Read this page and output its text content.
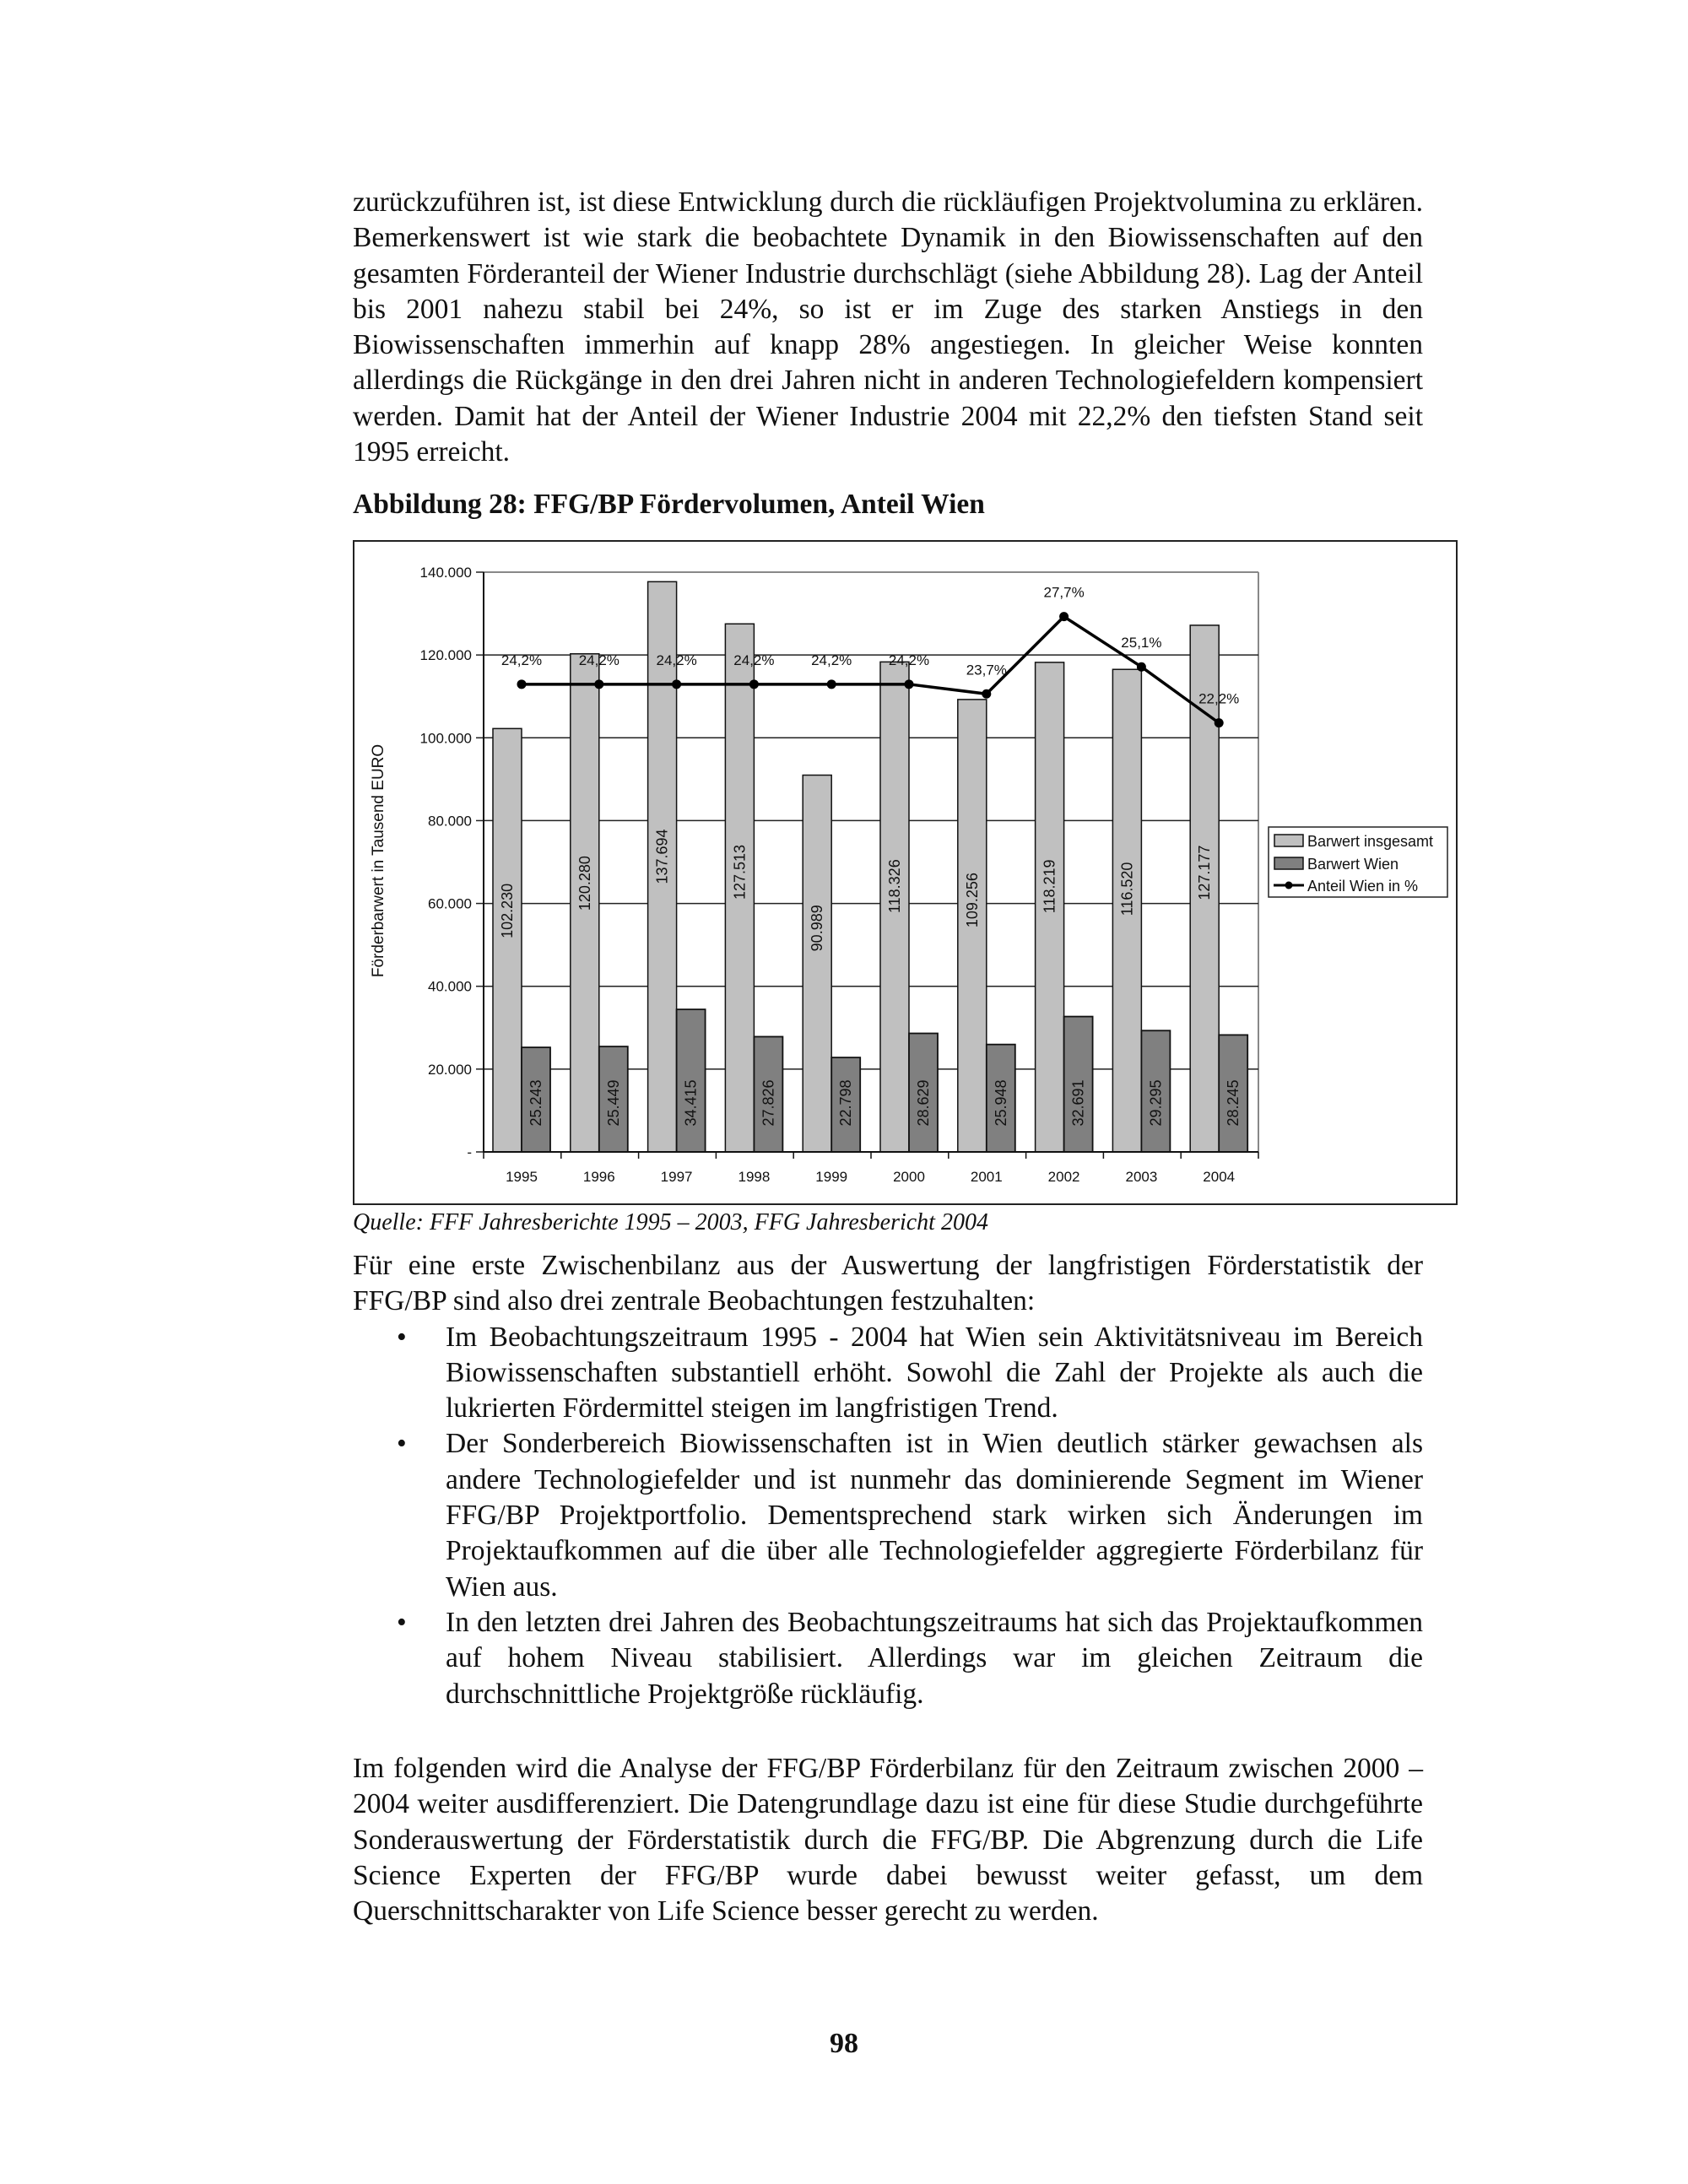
zurückzuführen ist, ist diese Entwicklung durch die rückläufigen Projektvolumina zu erklären. Bemerkenswert ist wie stark die beobachtete Dynamik in den Biowissenschaften auf den gesamten Förderanteil der Wiener Industrie durchschlägt (siehe Abbildung 28). Lag der Anteil bis 2001 nahezu stabil bei 24%, so ist er im Zuge des starken Anstiegs in den Biowissenschaften immerhin auf knapp 28% angestiegen. In gleicher Weise konnten allerdings die Rückgänge in den drei Jahren nicht in anderen Technologiefeldern kompensiert werden. Damit hat der Anteil der Wiener Industrie 2004 mit 22,2% den tiefsten Stand seit 1995 erreicht.

Abbildung 28: FFG/BP Fördervolumen, Anteil Wien
-
20.000
40.000
60.000
80.000
100.000
120.000
140.000
1995	1996	1997	1998	1999	2000	2001	2002	2003	2004
102.230
25.243
120.280
25.449
137.694
34.415
127.513
27.826
90.989
22.798
118.326
28.629
109.256
25.948
118.219
32.691
116.520
29.295
127.177
28.245
24,2%	24,2%	24,2%	24,2%	24,2%	24,2%
23,7%
27,7%
25,1%
22,2%
Förderbarwert in Tausend EURO	Barwert insgesamt
Barwert Wien
Anteil Wien in %
Quelle: FFF Jahresberichte 1995 – 2003, FFG Jahresbericht 2004

Für eine erste Zwischenbilanz aus der Auswertung der langfristigen Förderstatistik der FFG/BP sind also drei zentrale Beobachtungen festzuhalten:

• Im Beobachtungszeitraum 1995 - 2004 hat Wien sein Aktivitätsniveau im Bereich Biowissenschaften substantiell erhöht. Sowohl die Zahl der Projekte als auch die lukrierten Fördermittel steigen im langfristigen Trend.
• Der Sonderbereich Biowissenschaften ist in Wien deutlich stärker gewachsen als andere Technologiefelder und ist nunmehr das dominierende Segment im Wiener FFG/BP Projektportfolio. Dementsprechend stark wirken sich Änderungen im Projektaufkommen auf die über alle Technologiefelder aggregierte Förderbilanz für Wien aus.
• In den letzten drei Jahren des Beobachtungszeitraums hat sich das Projektaufkommen auf hohem Niveau stabilisiert. Allerdings war im gleichen Zeitraum die durchschnittliche Projektgröße rückläufig.

Im folgenden wird die Analyse der FFG/BP Förderbilanz für den Zeitraum zwischen 2000 – 2004 weiter ausdifferenziert. Die Datengrundlage dazu ist eine für diese Studie durchgeführte Sonderauswertung der Förderstatistik durch die FFG/BP. Die Abgrenzung durch die Life Science Experten der FFG/BP wurde dabei bewusst weiter gefasst, um dem Querschnittscharakter von Life Science besser gerecht zu werden.

98
